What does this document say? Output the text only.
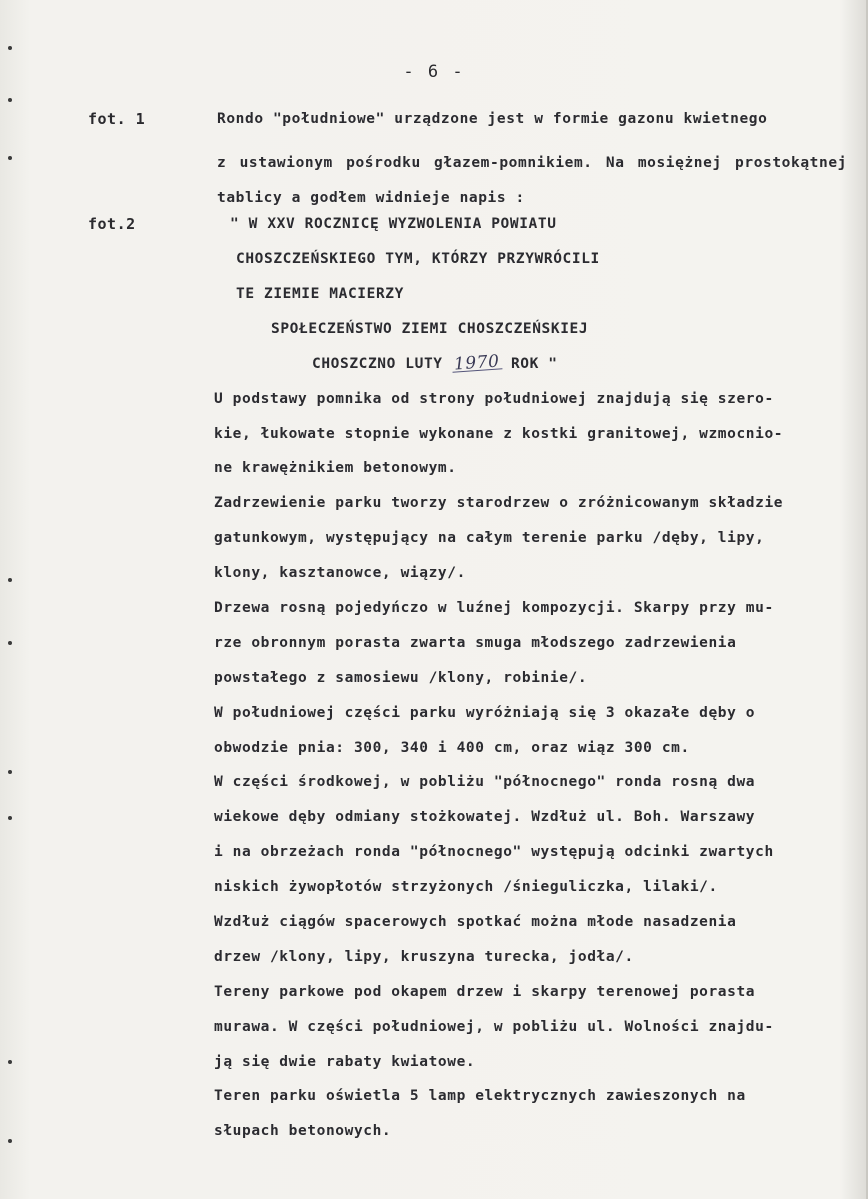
- 6 -
fot. 1
fot.2
Rondo "południowe" urządzone jest w formie gazonu kwietnego
z ustawionym pośrodku głazem-pomnikiem. Na mosiężnej prostokątnej tablicy a godłem widnieje napis :
" W XXV ROCZNICĘ WYZWOLENIA POWIATU
CHOSZCZEŃSKIEGO TYM, KTÓRZY PRZYWRÓCILI
TE ZIEMIE MACIERZY
SPOŁECZEŃSTWO ZIEMI CHOSZCZEŃSKIEJ
CHOSZCZNO LUTY 1970 ROK "
U podstawy pomnika od strony południowej znajdują się szero-
kie, łukowate stopnie wykonane z kostki granitowej, wzmocnio-
ne krawężnikiem betonowym.
Zadrzewienie parku tworzy starodrzew o zróżnicowanym składzie
gatunkowym, występujący na całym terenie parku /dęby, lipy,
klony, kasztanowce, wiązy/.
Drzewa rosną pojedyńczo w luźnej kompozycji. Skarpy przy mu-
rze obronnym porasta zwarta smuga młodszego zadrzewienia
powstałego z samosiewu /klony, robinie/.
W południowej części parku wyróżniają się 3 okazałe dęby o
obwodzie pnia: 300, 340 i 400 cm, oraz wiąz 300 cm.
W części środkowej, w pobliżu "północnego" ronda rosną dwa
wiekowe dęby odmiany stożkowatej. Wzdłuż ul. Boh. Warszawy
i na obrzeżach ronda "północnego" występują odcinki zwartych
niskich żywopłotów strzyżonych /śnieguliczka, lilaki/.
Wzdłuż ciągów spacerowych spotkać można młode nasadzenia
drzew /klony, lipy, kruszyna turecka, jodła/.
Tereny parkowe pod okapem drzew i skarpy terenowej porasta
murawa. W części południowej, w pobliżu ul. Wolności znajdu-
ją się dwie rabaty kwiatowe.
Teren parku oświetla 5 lamp elektrycznych zawieszonych na
słupach betonowych.
